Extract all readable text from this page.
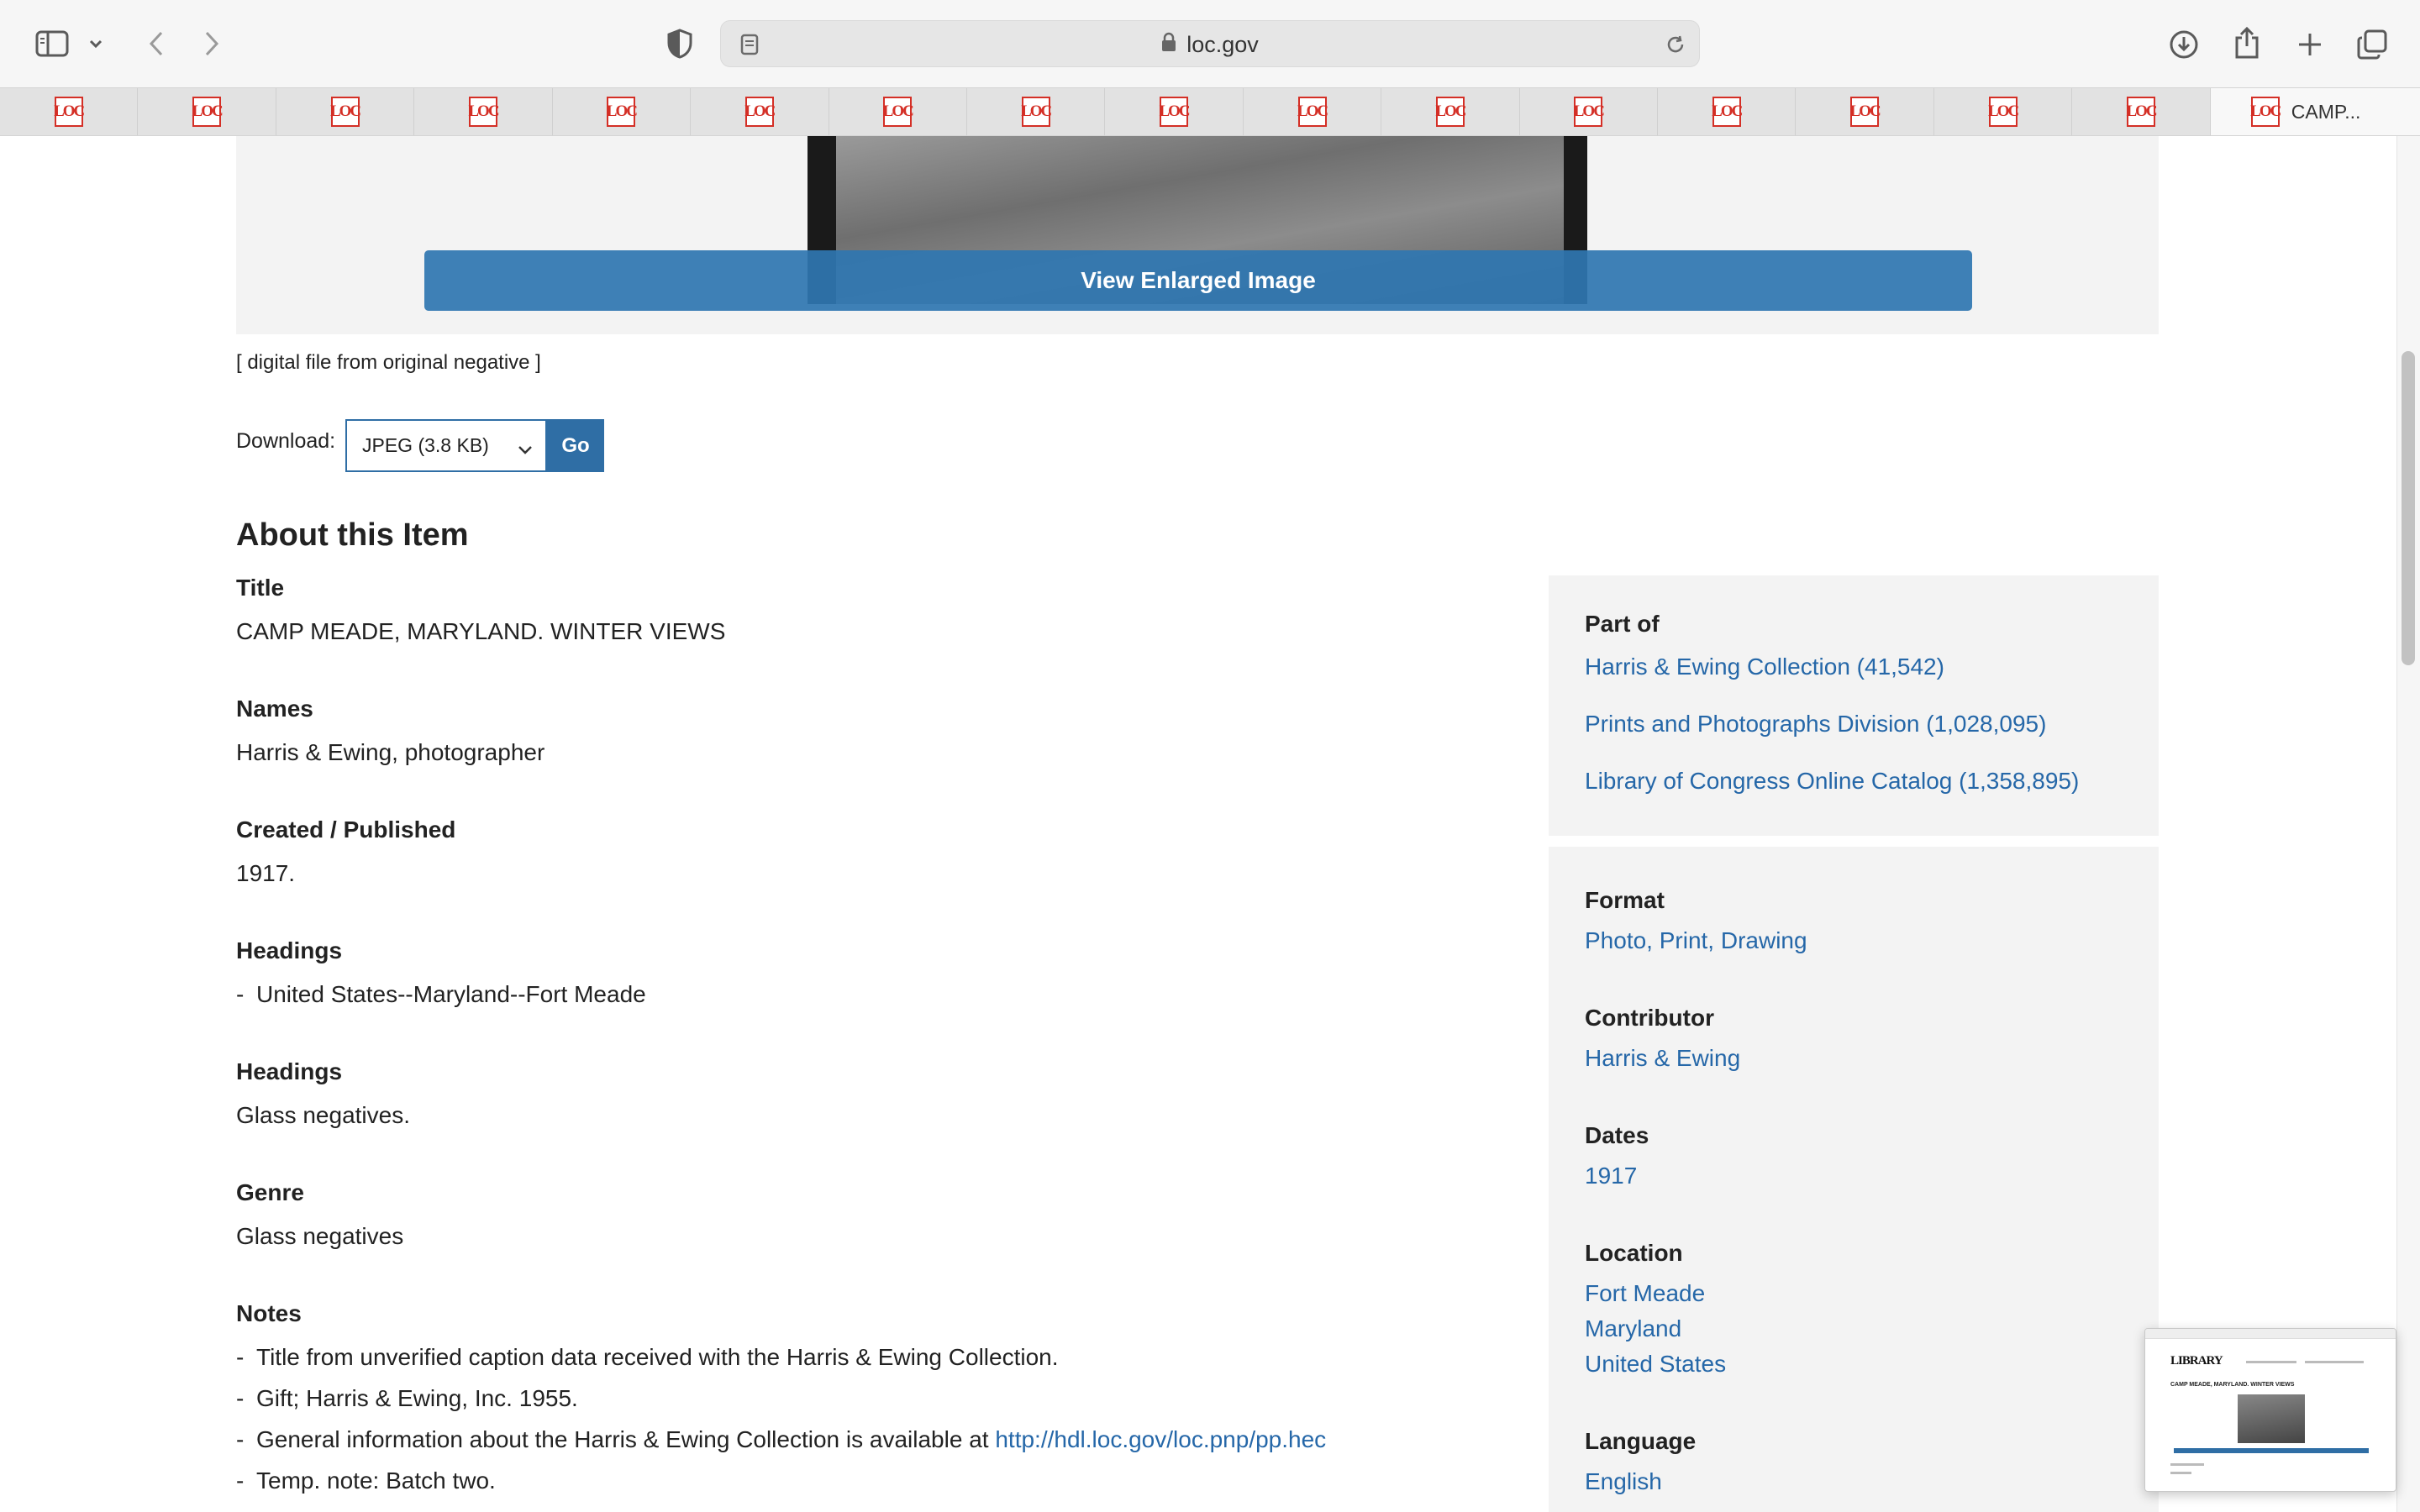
loc.gov
LOC	LOC	LOC	LOC	LOC	LOC	LOC	LOC	LOC	LOC	LOC	LOC	LOC	LOC	LOC	LOC	LOC CAMP...
View Enlarged Image
[ digital file from original negative ]
Download: JPEG (3.8 KB)	Go
About this Item
Title
CAMP MEADE, MARYLAND. WINTER VIEWS
Names
Harris & Ewing, photographer
Created / Published
1917.
Headings
- United States--Maryland--Fort Meade
Headings
Glass negatives.
Genre
Glass negatives
Notes
- Title from unverified caption data received with the Harris & Ewing Collection.
- Gift; Harris & Ewing, Inc. 1955.
- General information about the Harris & Ewing Collection is available at http://hdl.loc.gov/loc.pnp/pp.hec
- Temp. note: Batch two.
Part of
Harris & Ewing Collection (41,542)
Prints and Photographs Division (1,028,095)
Library of Congress Online Catalog (1,358,895)
Format
Photo, Print, Drawing
Contributor
Harris & Ewing
Dates
1917
Location
Fort Meade
Maryland
United States
Language
English
LIBRARY
CAMP MEADE, MARYLAND. WINTER VIEWS
